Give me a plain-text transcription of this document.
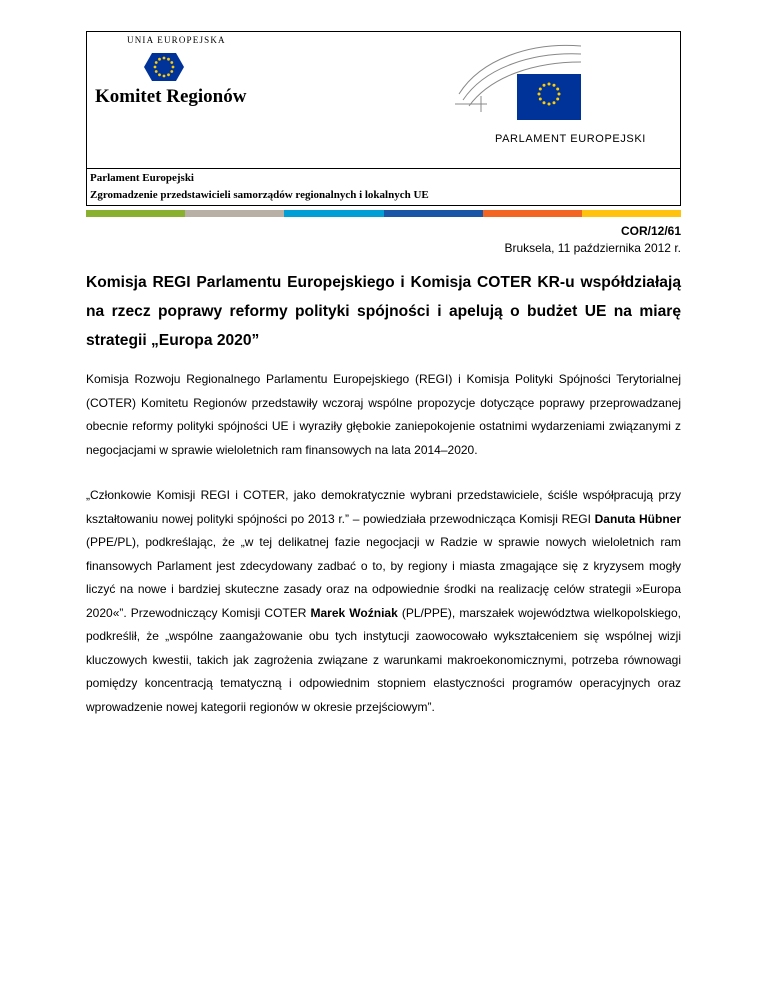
UNIA EUROPEJSKA
Komitet Regionów
PARLAMENT EUROPEJSKI
Parlament Europejski
Zgromadzenie przedstawicieli samorządów regionalnych i lokalnych UE
COR/12/61
Bruksela, 11 października 2012 r.

Komisja REGI Parlamentu Europejskiego i Komisja COTER KR-u współdziałają na rzecz poprawy reformy polityki spójności i apelują o budżet UE na miarę strategii „Europa 2020”

Komisja Rozwoju Regionalnego Parlamentu Europejskiego (REGI) i Komisja Polityki Spójności Terytorialnej (COTER) Komitetu Regionów przedstawiły wczoraj wspólne propozycje dotyczące poprawy przeprowadzanej obecnie reformy polityki spójności UE i wyraziły głębokie zaniepokojenie ostatnimi wydarzeniami związanymi z negocjacjami w sprawie wieloletnich ram finansowych na lata 2014–2020.

„Członkowie Komisji REGI i COTER, jako demokratycznie wybrani przedstawiciele, ściśle współpracują przy kształtowaniu nowej polityki spójności po 2013 r.” – powiedziała przewodnicząca Komisji REGI Danuta Hübner (PPE/PL), podkreślając, że „w tej delikatnej fazie negocjacji w Radzie w sprawie nowych wieloletnich ram finansowych Parlament jest zdecydowany zadbać o to, by regiony i miasta zmagające się z kryzysem mogły liczyć na nowe i bardziej skuteczne zasady oraz na odpowiednie środki na realizację celów strategii »Europa 2020«”. Przewodniczący Komisji COTER Marek Woźniak (PL/PPE), marszałek województwa wielkopolskiego, podkreślił, że „wspólne zaangażowanie obu tych instytucji zaowocowało wykształceniem się wspólnej wizji kluczowych kwestii, takich jak zagrożenia związane z warunkami makroekonomicznymi, potrzeba równowagi pomiędzy koncentracją tematyczną i odpowiednim stopniem elastyczności programów operacyjnych oraz wprowadzenie nowej kategorii regionów w okresie przejściowym”.
